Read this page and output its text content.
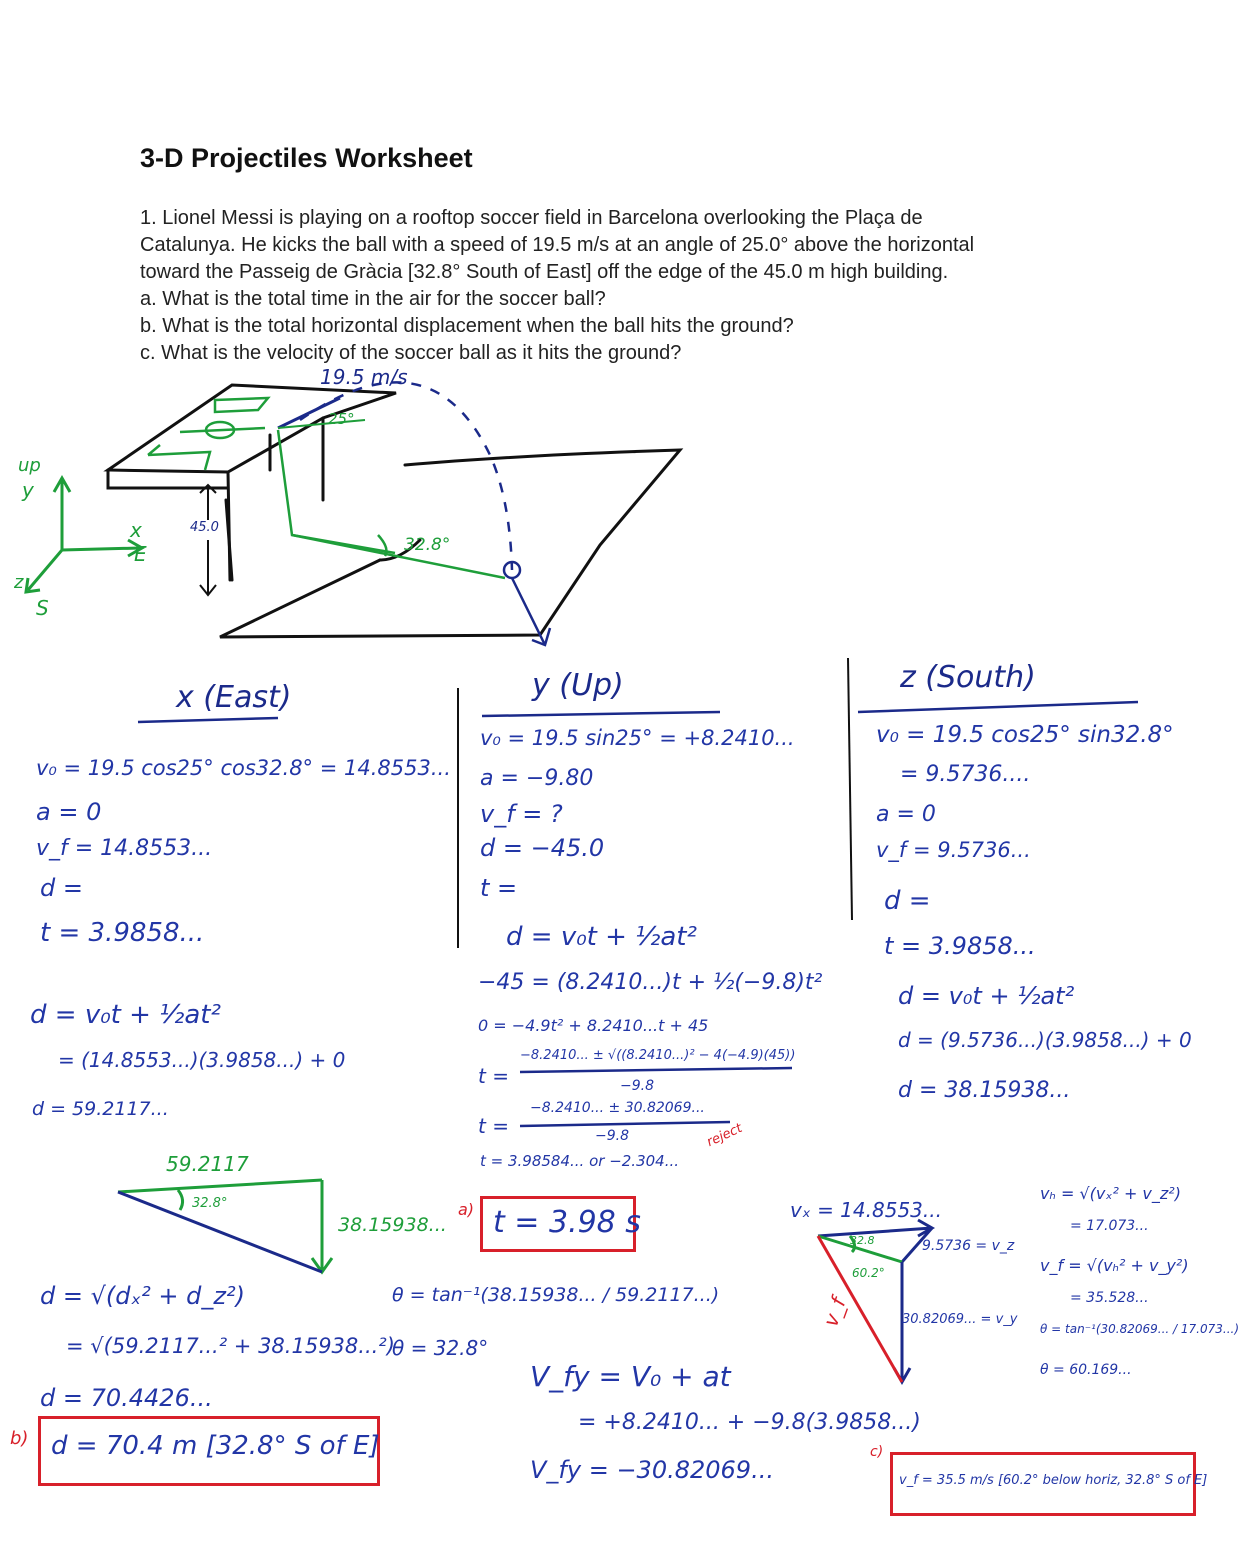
3-D Projectiles Worksheet
1. Lionel Messi is playing on a rooftop soccer field in Barcelona overlooking the Plaça de
Catalunya. He kicks the ball with a speed of 19.5 m/s at an angle of 25.0° above the horizontal
toward the Passeig de Gràcia [32.8° South of East] off the edge of the 45.0 m high building.
a. What is the total time in the air for the soccer ball?
b. What is the total horizontal displacement when the ball hits the ground?
c. What is the velocity of the soccer ball as it hits the ground?
19.5 m/s
25°
32.8°
45.0
up
y
x
E
z
S
x (East)
v₀ = 19.5 cos25° cos32.8° = 14.8553...
a = 0
v_f = 14.8553...
d =
t = 3.9858...
d = v₀t + ½at²
= (14.8553...)(3.9858...) + 0
d = 59.2117...
y (Up)
v₀ = 19.5 sin25° = +8.2410...
a = −9.80
v_f = ?
d = −45.0
t =
d = v₀t + ½at²
−45 = (8.2410...)t + ½(−9.8)t²
0 = −4.9t² + 8.2410...t + 45
t =
−8.2410... ± √((8.2410...)² − 4(−4.9)(45))
−9.8
t =
−8.2410... ± 30.82069...
−9.8
t = 3.98584... or −2.304...
reject
z (South)
v₀ = 19.5 cos25° sin32.8°
= 9.5736....
a = 0
v_f = 9.5736...
d =
t = 3.9858...
d = v₀t + ½at²
d = (9.5736...)(3.9858...) + 0
d = 38.15938...
59.2117
32.8°
38.15938...
d = √(dₓ² + d_z²)
= √(59.2117...² + 38.15938...²)
d = 70.4426...
θ = tan⁻¹(38.15938... / 59.2117...)
θ = 32.8°
a) t = 3.98 s
b) d = 70.4 m [32.8° S of E]	c)
v_f = 35.5 m/s [60.2° below horiz, 32.8° S of E]
V_fy = V₀ + at
= +8.2410... + −9.8(3.9858...)
V_fy = −30.82069...
vₓ = 14.8553...
9.5736 = v_z
30.82069... = v_y
32.8
60.2°
v_f
vₕ = √(vₓ² + v_z²)
= 17.073...
v_f = √(vₕ² + v_y²)
= 35.528...
θ = tan⁻¹(30.82069... / 17.073...)
θ = 60.169...
